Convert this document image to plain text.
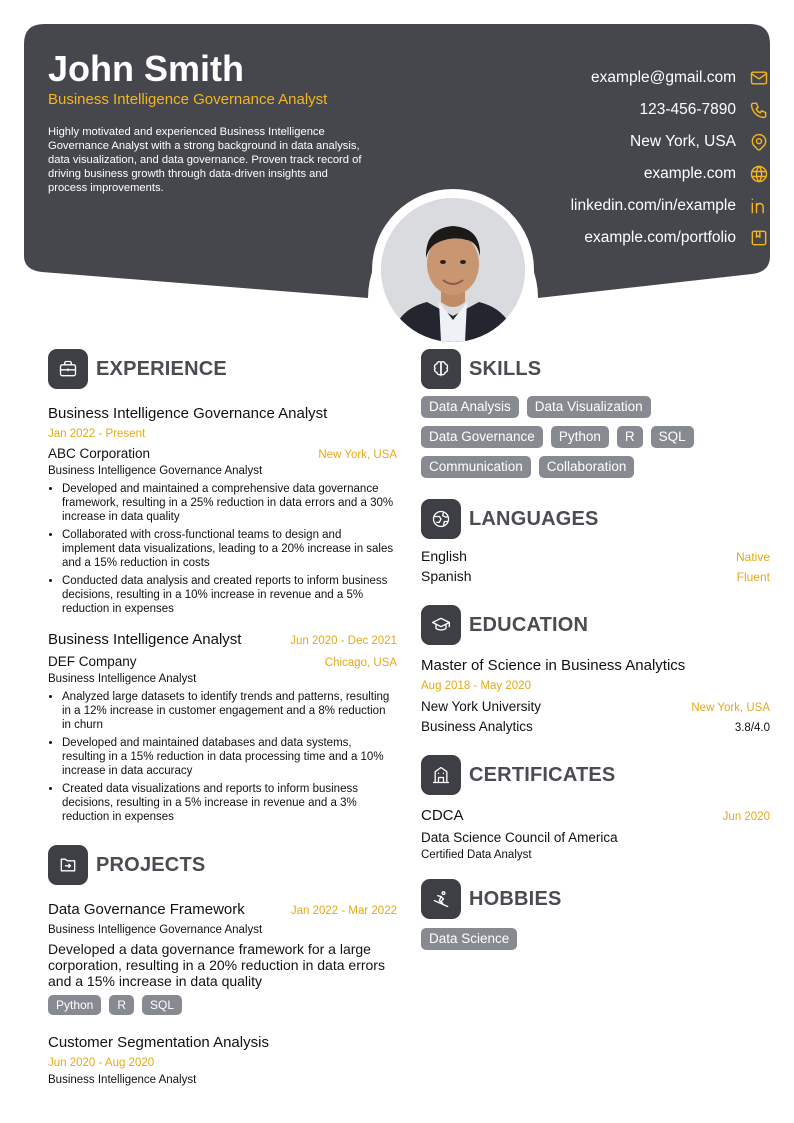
John Smith
Business Intelligence Governance Analyst
Highly motivated and experienced Business Intelligence Governance Analyst with a strong background in data analysis, data visualization, and data governance. Proven track record of driving business growth through data-driven insights and process improvements.
example@gmail.com
123-456-7890
New York, USA
example.com
linkedin.com/in/example
example.com/portfolio
EXPERIENCE
Business Intelligence Governance Analyst
Jan 2022 - Present
ABC Corporation	New York, USA
Business Intelligence Governance Analyst
• Developed and maintained a comprehensive data governance framework, resulting in a 25% reduction in data errors and a 30% increase in data quality
• Collaborated with cross-functional teams to design and implement data visualizations, leading to a 20% increase in sales and a 15% reduction in costs
• Conducted data analysis and created reports to inform business decisions, resulting in a 10% increase in revenue and a 5% reduction in expenses
Business Intelligence Analyst	Jun 2020 - Dec 2021
DEF Company	Chicago, USA
Business Intelligence Analyst
• Analyzed large datasets to identify trends and patterns, resulting in a 12% increase in customer engagement and a 8% reduction in churn
• Developed and maintained databases and data systems, resulting in a 15% reduction in data processing time and a 10% increase in data accuracy
• Created data visualizations and reports to inform business decisions, resulting in a 5% increase in revenue and a 3% reduction in expenses
PROJECTS
Data Governance Framework	Jan 2022 - Mar 2022
Business Intelligence Governance Analyst
Developed a data governance framework for a large corporation, resulting in a 20% reduction in data errors and a 15% increase in data quality
Python	R	SQL
Customer Segmentation Analysis
Jun 2020 - Aug 2020
Business Intelligence Analyst
SKILLS
Data Analysis	Data Visualization
Data Governance	Python	R	SQL
Communication	Collaboration
LANGUAGES
English	Native
Spanish	Fluent
EDUCATION
Master of Science in Business Analytics
Aug 2018 - May 2020
New York University	New York, USA
Business Analytics	3.8/4.0
CERTIFICATES
CDCA	Jun 2020
Data Science Council of America
Certified Data Analyst
HOBBIES
Data Science
